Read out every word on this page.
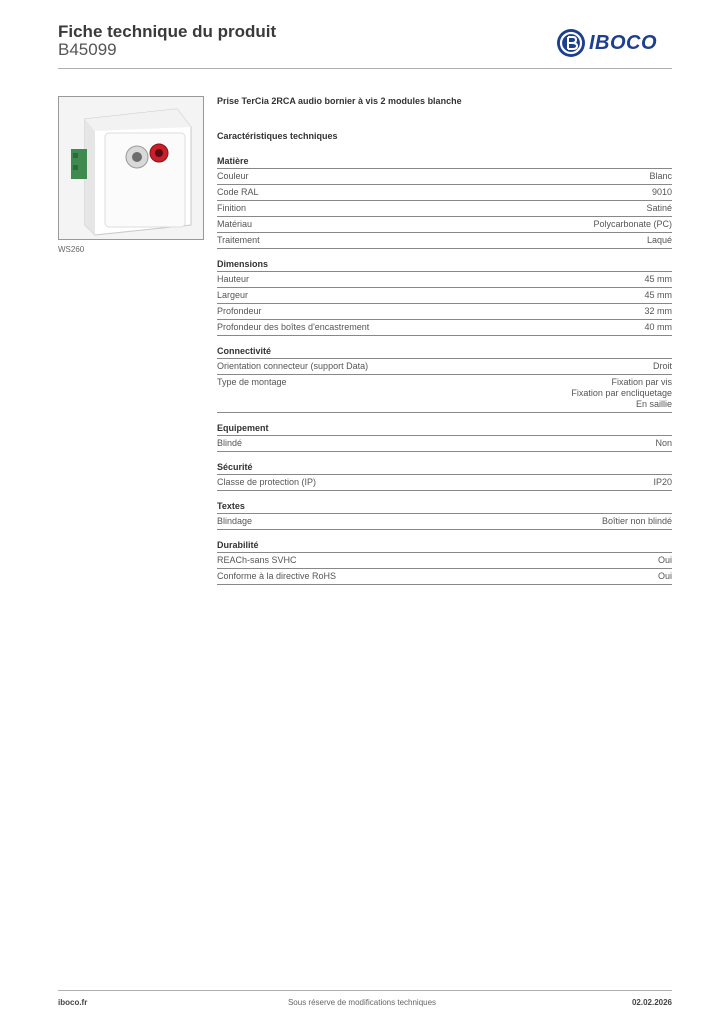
Fiche technique du produit
B45099	IBOCO
WS260
Prise TerCia 2RCA audio bornier à vis 2 modules blanche
Caractéristiques techniques
Matière
Couleur	Blanc
Code RAL	9010
Finition	Satiné
Matériau	Polycarbonate (PC)
Traitement	Laqué
Dimensions
Hauteur	45 mm
Largeur	45 mm
Profondeur	32 mm
Profondeur des boîtes d'encastrement	40 mm
Connectivité
Orientation connecteur (support Data)	Droit
Type de montage	Fixation par vis
Fixation par encliquetage
En saillie
Equipement
Blindé	Non
Sécurité
Classe de protection (IP)	IP20
Textes
Blindage	Boîtier non blindé
Durabilité
REACh-sans SVHC	Oui
Conforme à la directive RoHS	Oui
Sous réserve de modifications techniques
iboco.fr	02.02.2026
